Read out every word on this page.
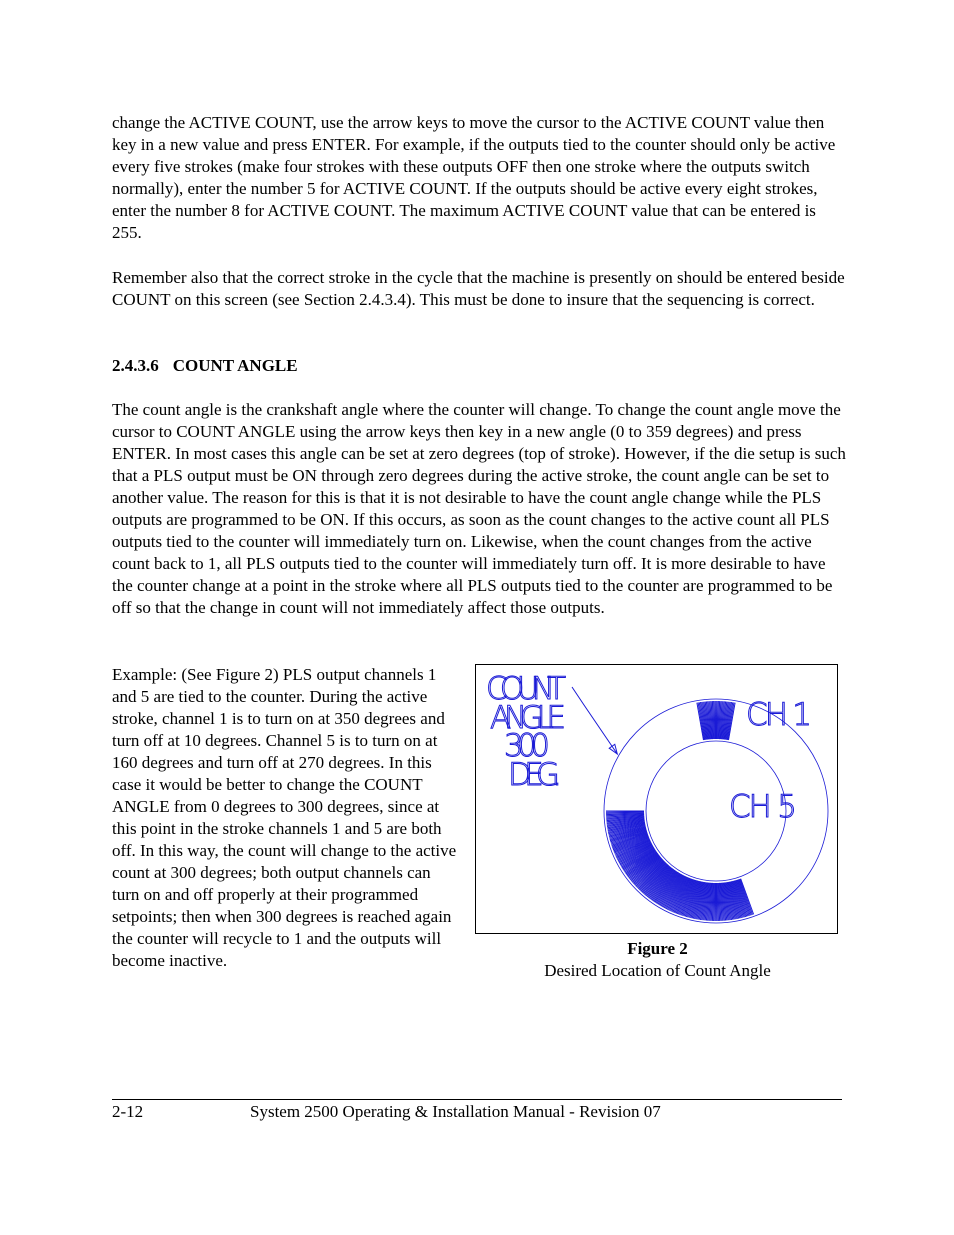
change the ACTIVE COUNT, use the arrow keys to move the cursor to the ACTIVE COUNT value then key in a new value and press ENTER. For example, if the outputs tied to the counter should only be active every five strokes (make four strokes with these outputs OFF then one stroke where the outputs switch normally), enter the number 5 for ACTIVE COUNT. If the outputs should be active every eight strokes, enter the number 8 for ACTIVE COUNT. The maximum ACTIVE COUNT value that can be entered is 255.

Remember also that the correct stroke in the cycle that the machine is presently on should be entered beside COUNT on this screen (see Section 2.4.3.4). This must be done to insure that the sequencing is correct.

2.4.3.6 COUNT ANGLE

The count angle is the crankshaft angle where the counter will change. To change the count angle move the cursor to COUNT ANGLE using the arrow keys then key in a new angle (0 to 359 degrees) and press ENTER. In most cases this angle can be set at zero degrees (top of stroke). However, if the die setup is such that a PLS output must be ON through zero degrees during the active stroke, the count angle can be set to another value. The reason for this is that it is not desirable to have the count angle change while the PLS outputs are programmed to be ON. If this occurs, as soon as the count changes to the active count all PLS outputs tied to the counter will immediately turn on. Likewise, when the count changes from the active count back to 1, all PLS outputs tied to the counter will immediately turn off. It is more desirable to have the counter change at a point in the stroke where all PLS outputs tied to the counter are programmed to be off so that the change in count will not immediately affect those outputs.

Example: (See Figure 2) PLS output channels 1 and 5 are tied to the counter. During the active stroke, channel 1 is to turn on at 350 degrees and turn off at 10 degrees. Channel 5 is to turn on at 160 degrees and turn off at 270 degrees. In this case it would be better to change the COUNT ANGLE from 0 degrees to 300 degrees, since at this point in the stroke channels 1 and 5 are both off. In this way, the count will change to the active count at 300 degrees; both output channels can turn on and off properly at their programmed setpoints; then when 300 degrees is reached again the counter will recycle to 1 and the outputs will become inactive.

COUNT
ANGLE
300
DEG.
CH 1
CH 5

Figure 2

Desired Location of Count Angle

2-12	System 2500 Operating & Installation Manual - Revision 07
